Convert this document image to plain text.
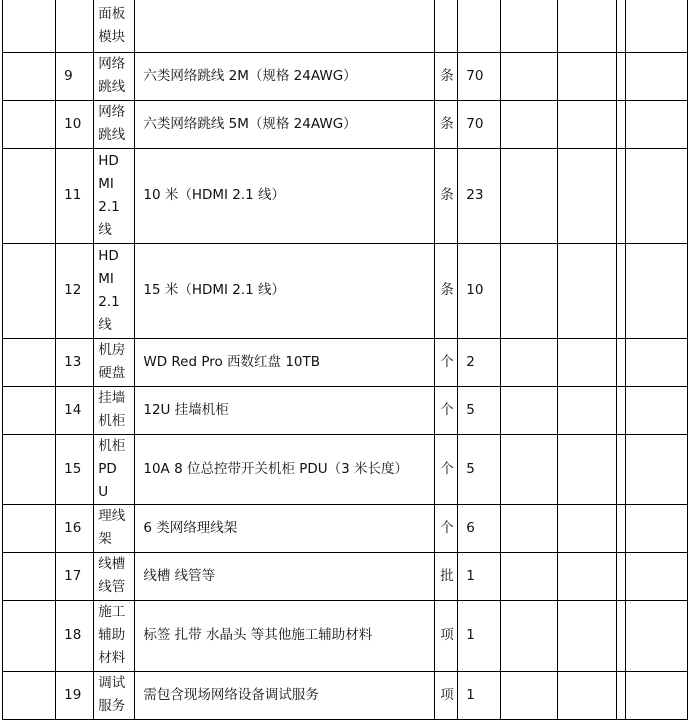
		面板模块							

	9	网络跳线	六类网络跳线 2M（规格 24AWG）	条	70				
	10	网络跳线	六类网络跳线 5M（规格 24AWG）	条	70				
	11	HDMI2.1线	10 米（HDMI 2.1 线）	条	23				
	12	HDMI2.1线	15 米（HDMI 2.1 线）	条	10				
	13	机房硬盘	WD Red Pro 西数红盘 10TB	个	2				
	14	挂墙机柜	12U 挂墙机柜	个	5				
	15	机柜PDU	10A 8 位总控带开关机柜 PDU（3 米长度）	个	5				
	16	理线架	6 类网络理线架	个	6				
	17	线槽线管	线槽 线管等	批	1				
	18	施工辅助材料	标签 扎带 水晶头 等其他施工辅助材料	项	1				
	19	调试服务	需包含现场网络设备调试服务	项	1				
